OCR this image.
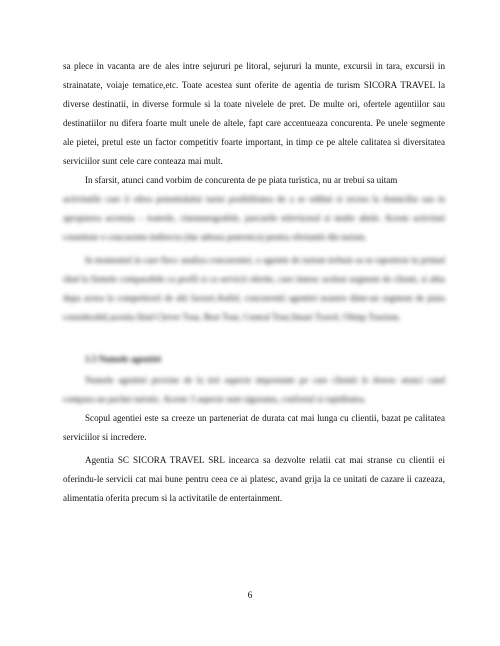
sa plece in vacanta are de ales intre sejururi pe litoral, sejururi la munte, excursii in tara, excursii in strainatate, voiaje tematice,etc. Toate acestea sunt oferite de agentia de turism SICORA TRAVEL la diverse destinatii, in diverse formule si la toate nivelele de pret. De multe ori, ofertele agentiilor sau destinatiilor nu difera foarte mult unele de altele, fapt care accentueaza concurenta. Pe unele segmente ale pietei, pretul este un factor competitiv foarte important, in timp ce pe altele calitatea si diversitatea serviciilor sunt cele care conteaza mai mult.

In sfarsit, atunci cand vorbim de concurenta de pe piata turistica, nu ar trebui sa uitam

activitatile care ii ofera potentialului turist posibilitatea de a se odihni si recrea la domiciliu sau in apropierea acestuia – teatrele, cinematografele, parcurile televizorul si multe altele. Aceste activitati constituie o concurenta indirecta (dar adesea puternica) pentru ofertantii din turism.

In momentul in care fiecc analiza concurentei, o agentie de turism trebuie sa se raporteze in primul rând la firmele comparabile ca profil si ca servicii oferite, care tintesc acelasi segment de clienti, si abia dupa aceea la competitorii de alti factori.Astfel, concurentii agentiei noastre dintr-un segment de piata considerabil,acestia fiind Clever Tour, Best Tour, Central Tour,Smart Travel, Olimp Tourism.

1.5 Numele agentiei

Numele agentiei provine de la trei aspecte importante pe care clientii le doresc atunci cand compara un pachet turistic. Aceste 3 aspecte sunt siguranta, confortul si rapiditatea.

Scopul agentiei este sa creeze un parteneriat de durata cat mai lunga cu clientii, bazat pe calitatea serviciilor si incredere.

Agentia SC SICORA TRAVEL SRL incearca sa dezvolte relatii cat mai stranse cu clientii ei oferindu-le servicii cat mai bune pentru ceea ce ai platesc, avand grija la ce unitati de cazare ii cazeaza, alimentatia oferita precum si la activitatile de entertainment.

6
